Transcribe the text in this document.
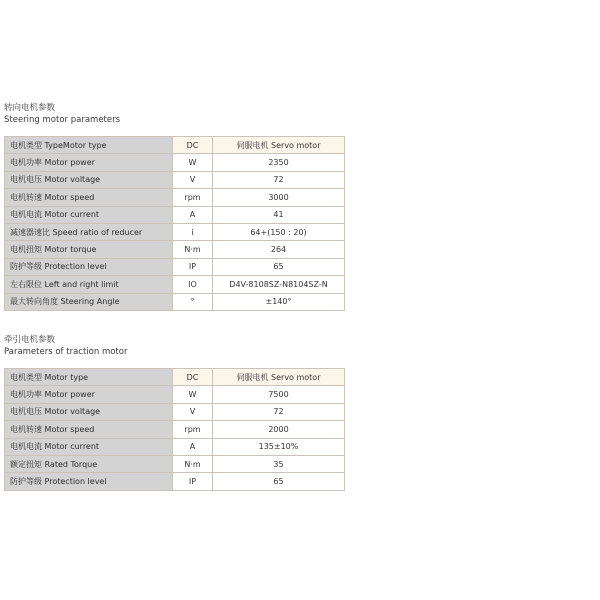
转向电机参数
Steering motor parameters
电机类型 TypeMotor type	DC	伺服电机 Servo motor
电机功率 Motor power	W	2350
电机电压 Motor voltage	V	72
电机转速 Motor speed	rpm	3000
电机电流 Motor current	A	41
减速器速比 Speed ratio of reducer	i	64+(150 : 20)
电机扭矩 Motor torque	N·m	264
防护等级 Protection level	IP	65
左右限位 Left and right limit	IO	D4V-8108SZ-N8104SZ-N
最大转向角度 Steering Angle	°	±140°
牵引电机参数
Parameters of traction motor
电机类型 Motor type	DC	伺服电机 Servo motor
电机功率 Motor power	W	7500
电机电压 Motor voltage	V	72
电机转速 Motor speed	rpm	2000
电机电流 Motor current	A	135±10%
额定扭矩 Rated Torque	N·m	35
防护等级 Protection level	IP	65
